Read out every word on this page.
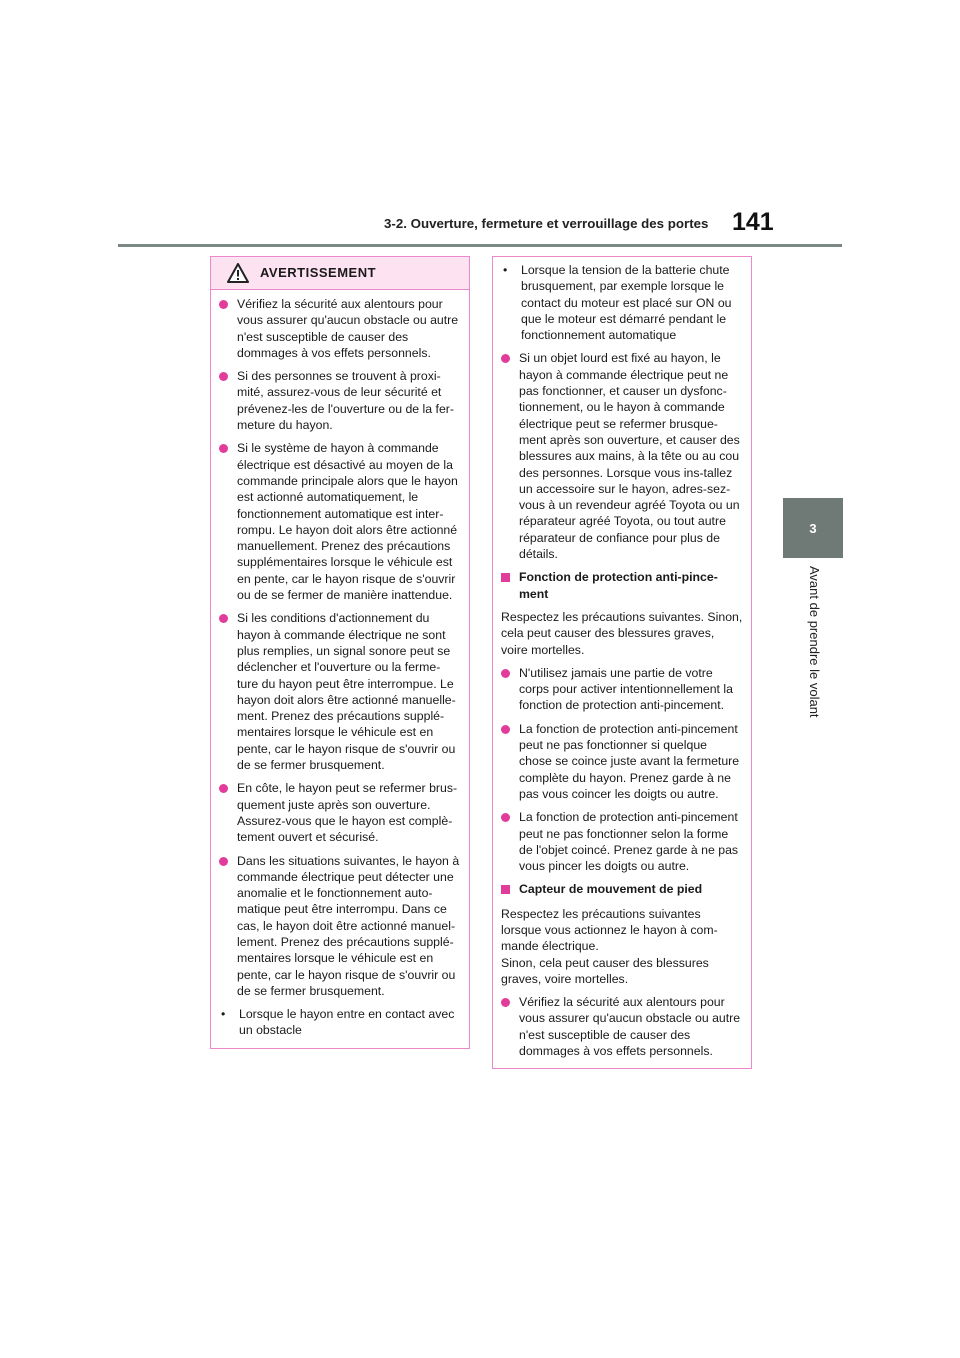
3-2. Ouverture, fermeture et verrouillage des portes 141
3
Avant de prendre le volant
AVERTISSEMENT
Vérifiez la sécurité aux alentours pour vous assurer qu'aucun obstacle ou autre n'est susceptible de causer des dommages à vos effets personnels.
Si des personnes se trouvent à proxi-mité, assurez-vous de leur sécurité et prévenez-les de l'ouverture ou de la fer-meture du hayon.
Si le système de hayon à commande électrique est désactivé au moyen de la commande principale alors que le hayon est actionné automatiquement, le fonctionnement automatique est inter-rompu. Le hayon doit alors être actionné manuellement. Prenez des précautions supplémentaires lorsque le véhicule est en pente, car le hayon risque de s'ouvrir ou de se fermer de manière inattendue.
Si les conditions d'actionnement du hayon à commande électrique ne sont plus remplies, un signal sonore peut se déclencher et l'ouverture ou la ferme-ture du hayon peut être interrompue. Le hayon doit alors être actionné manuelle-ment. Prenez des précautions supplé-mentaires lorsque le véhicule est en pente, car le hayon risque de s'ouvrir ou de se fermer brusquement.
En côte, le hayon peut se refermer brus-quement juste après son ouverture. Assurez-vous que le hayon est complè-tement ouvert et sécurisé.
Dans les situations suivantes, le hayon à commande électrique peut détecter une anomalie et le fonctionnement auto-matique peut être interrompu. Dans ce cas, le hayon doit être actionné manuel-lement. Prenez des précautions supplé-mentaires lorsque le véhicule est en pente, car le hayon risque de s'ouvrir ou de se fermer brusquement.
•	Lorsque le hayon entre en contact avec un obstacle
•	Lorsque la tension de la batterie chute brusquement, par exemple lorsque le contact du moteur est placé sur ON ou que le moteur est démarré pendant le fonctionnement automatique
Si un objet lourd est fixé au hayon, le hayon à commande électrique peut ne pas fonctionner, et causer un dysfonc-tionnement, ou le hayon à commande électrique peut se refermer brusque-ment après son ouverture, et causer des blessures aux mains, à la tête ou au cou des personnes. Lorsque vous ins-tallez un accessoire sur le hayon, adres-sez-vous à un revendeur agréé Toyota ou un réparateur agréé Toyota, ou tout autre réparateur de confiance pour plus de détails.
Fonction de protection anti-pince-ment
Respectez les précautions suivantes. Sinon, cela peut causer des blessures graves, voire mortelles.
N'utilisez jamais une partie de votre corps pour activer intentionnellement la fonction de protection anti-pincement.
La fonction de protection anti-pincement peut ne pas fonctionner si quelque chose se coince juste avant la fermeture complète du hayon. Prenez garde à ne pas vous coincer les doigts ou autre.
La fonction de protection anti-pincement peut ne pas fonctionner selon la forme de l'objet coincé. Prenez garde à ne pas vous pincer les doigts ou autre.
Capteur de mouvement de pied
Respectez les précautions suivantes lorsque vous actionnez le hayon à com-mande électrique.
Sinon, cela peut causer des blessures graves, voire mortelles.
Vérifiez la sécurité aux alentours pour vous assurer qu'aucun obstacle ou autre n'est susceptible de causer des dommages à vos effets personnels.
